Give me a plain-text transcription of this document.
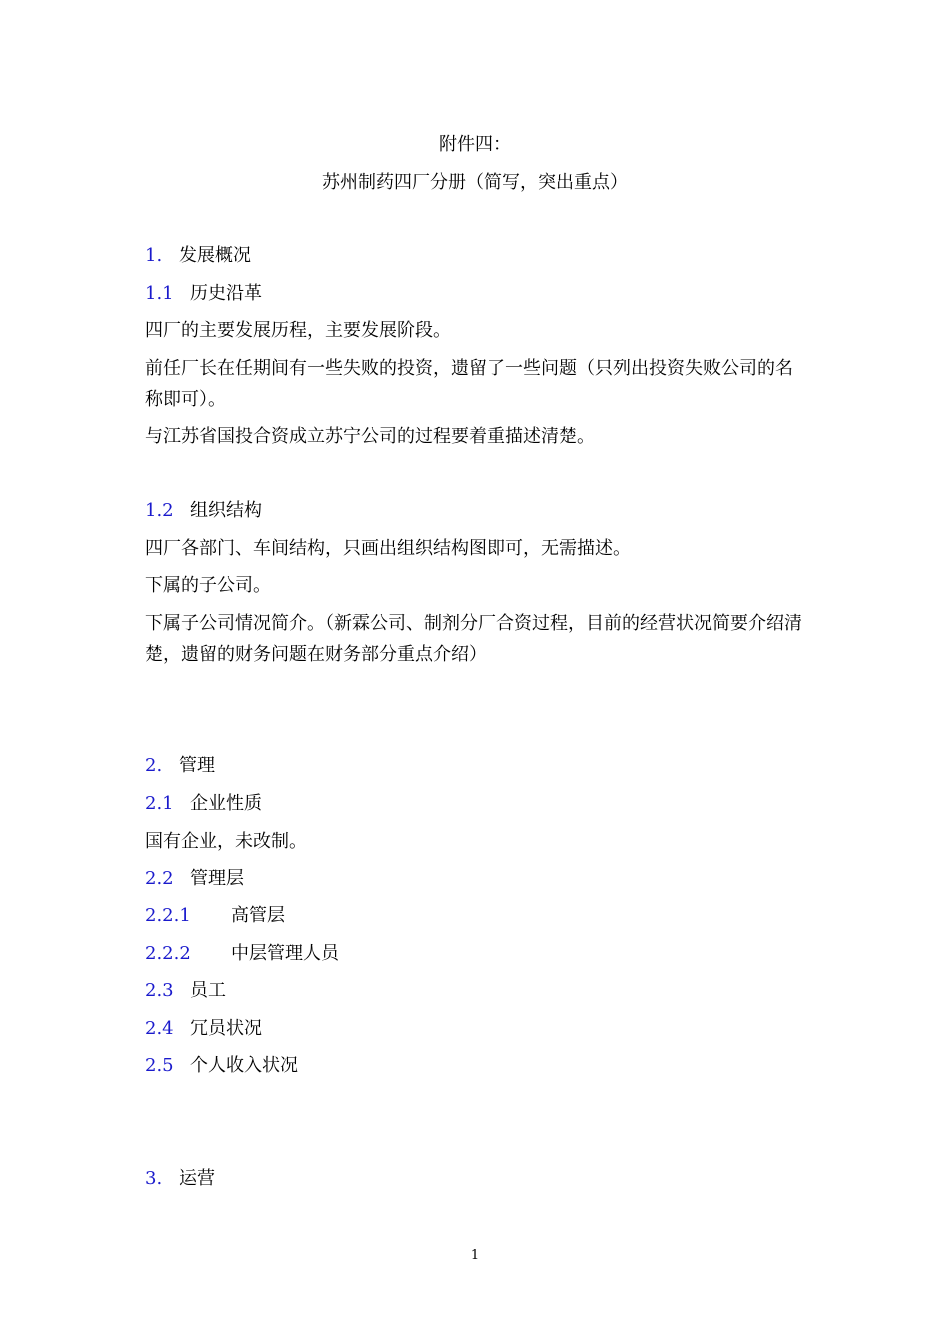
附件四：
苏州制药四厂分册（简写，突出重点）
1. 发展概况
1.1 历史沿革
四厂的主要发展历程，主要发展阶段。
前任厂长在任期间有一些失败的投资，遗留了一些问题（只列出投资失败公司的名称即可）。
与江苏省国投合资成立苏宁公司的过程要着重描述清楚。
1.2 组织结构
四厂各部门、车间结构，只画出组织结构图即可，无需描述。
下属的子公司。
下属子公司情况简介。（新霖公司、制剂分厂合资过程，目前的经营状况简要介绍清楚，遗留的财务问题在财务部分重点介绍）
2. 管理
2.1 企业性质
国有企业，未改制。
2.2 管理层
2.2.1 高管层
2.2.2 中层管理人员
2.3 员工
2.4 冗员状况
2.5 个人收入状况
3. 运营
1
